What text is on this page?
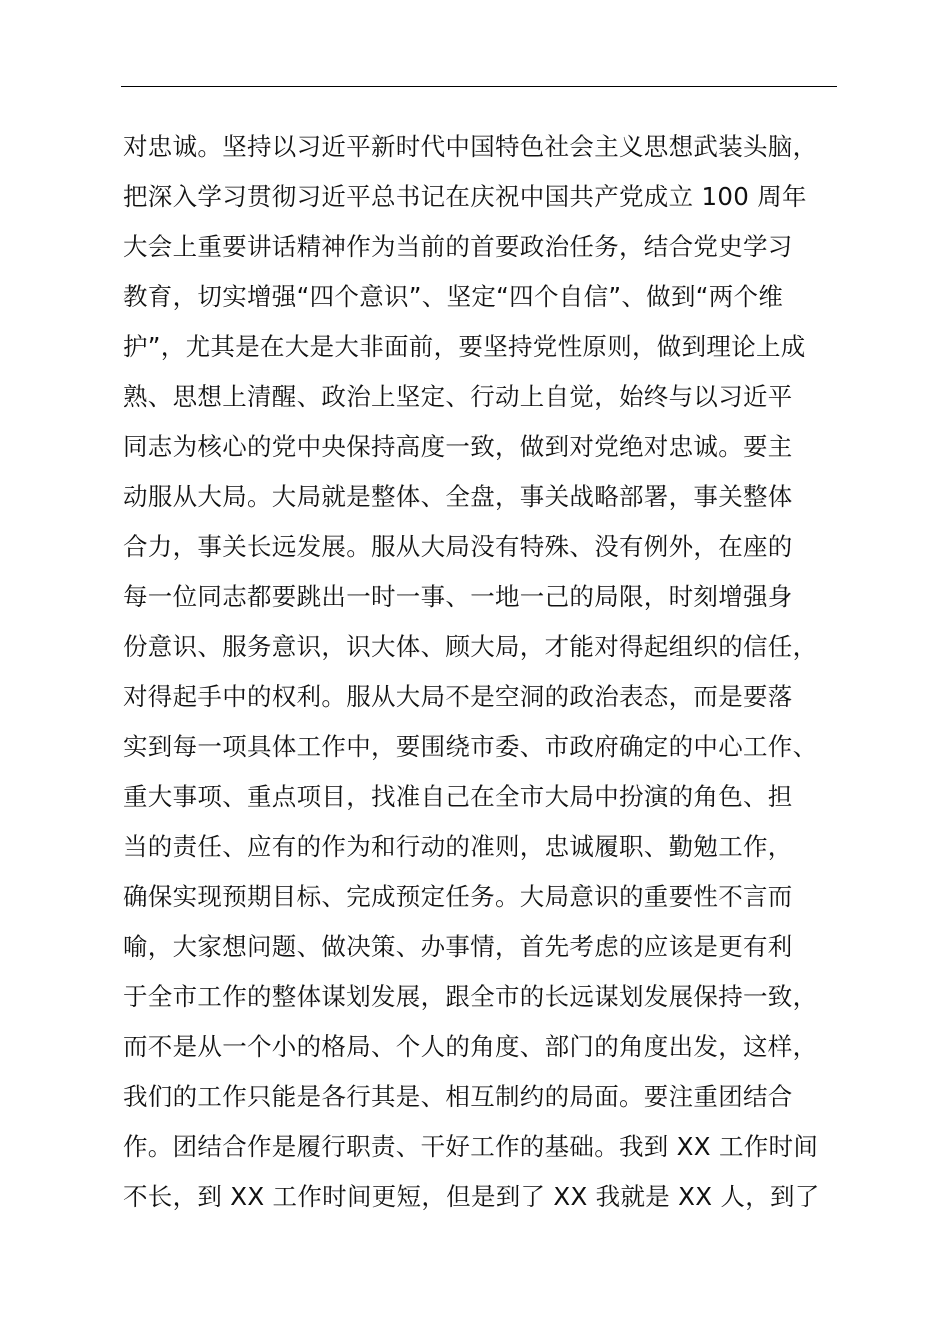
对忠诚。坚持以习近平新时代中国特色社会主义思想武装头脑，
把深入学习贯彻习近平总书记在庆祝中国共产党成立 100 周年
大会上重要讲话精神作为当前的首要政治任务，结合党史学习
教育，切实增强“四个意识”、坚定“四个自信”、做到“两个维
护”，尤其是在大是大非面前，要坚持党性原则，做到理论上成
熟、思想上清醒、政治上坚定、行动上自觉，始终与以习近平
同志为核心的党中央保持高度一致，做到对党绝对忠诚。要主
动服从大局。大局就是整体、全盘，事关战略部署，事关整体
合力，事关长远发展。服从大局没有特殊、没有例外，在座的
每一位同志都要跳出一时一事、一地一己的局限，时刻增强身
份意识、服务意识，识大体、顾大局，才能对得起组织的信任，
对得起手中的权利。服从大局不是空洞的政治表态，而是要落
实到每一项具体工作中，要围绕市委、市政府确定的中心工作、
重大事项、重点项目，找准自己在全市大局中扮演的角色、担
当的责任、应有的作为和行动的准则，忠诚履职、勤勉工作，
确保实现预期目标、完成预定任务。大局意识的重要性不言而
喻，大家想问题、做决策、办事情，首先考虑的应该是更有利
于全市工作的整体谋划发展，跟全市的长远谋划发展保持一致，
而不是从一个小的格局、个人的角度、部门的角度出发，这样，
我们的工作只能是各行其是、相互制约的局面。要注重团结合
作。团结合作是履行职责、干好工作的基础。我到 XX 工作时间
不长，到 XX 工作时间更短，但是到了 XX 我就是 XX 人，到了
